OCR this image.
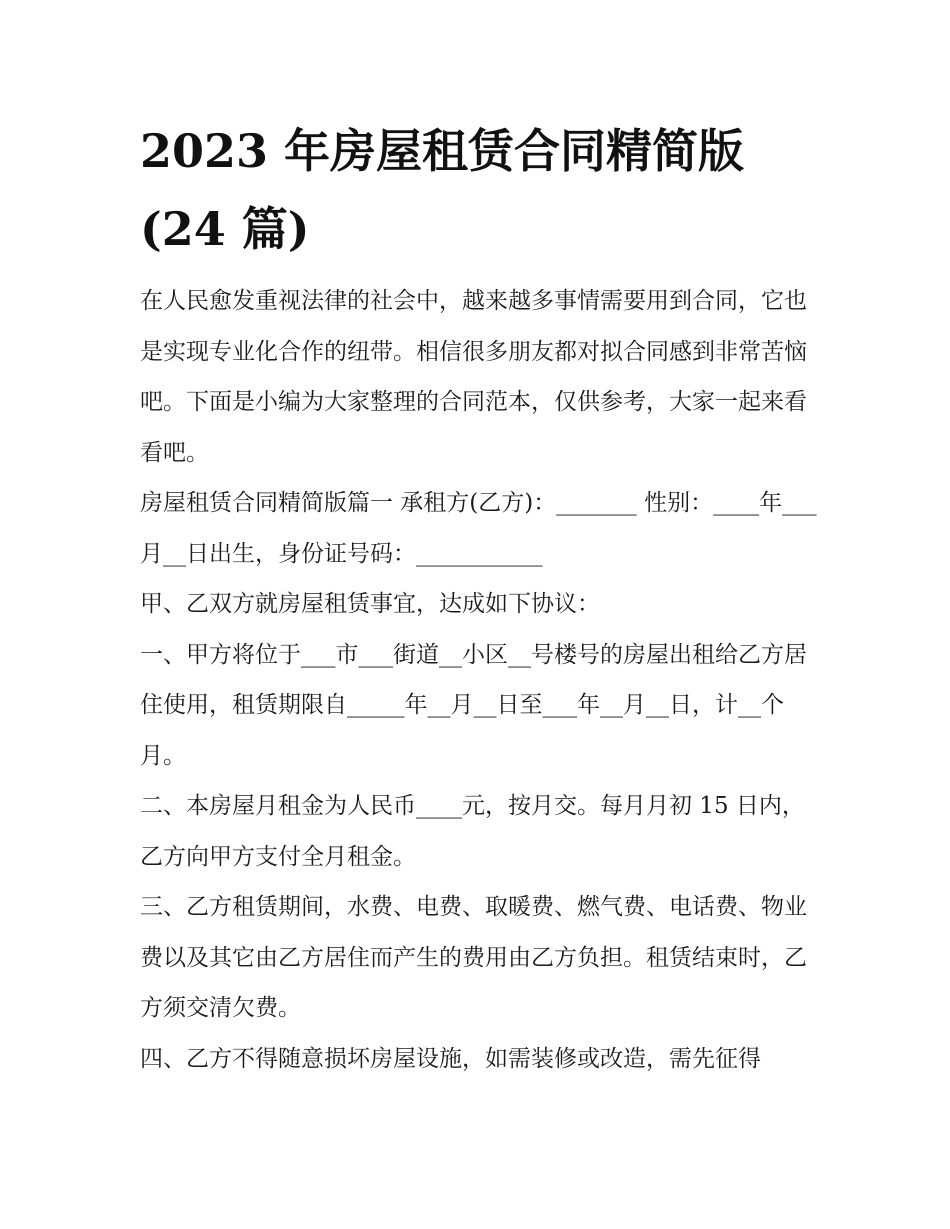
2023 年房屋租赁合同精简版(24 篇)

在人民愈发重视法律的社会中，越来越多事情需要用到合同，它也是实现专业化合作的纽带。相信很多朋友都对拟合同感到非常苦恼吧。下面是小编为大家整理的合同范本，仅供参考，大家一起来看看吧。

房屋租赁合同精简版篇一 承租方(乙方)：_______ 性别：____年___月__日出生，身份证号码：___________

甲、乙双方就房屋租赁事宜，达成如下协议：

一、甲方将位于___市___街道__小区__号楼号的房屋出租给乙方居住使用，租赁期限自_____年__月__日至___年__月__日，计__个月。

二、本房屋月租金为人民币____元，按月交。每月月初 15 日内，乙方向甲方支付全月租金。

三、乙方租赁期间，水费、电费、取暖费、燃气费、电话费、物业费以及其它由乙方居住而产生的费用由乙方负担。租赁结束时，乙方须交清欠费。

四、乙方不得随意损坏房屋设施，如需装修或改造，需先征得
